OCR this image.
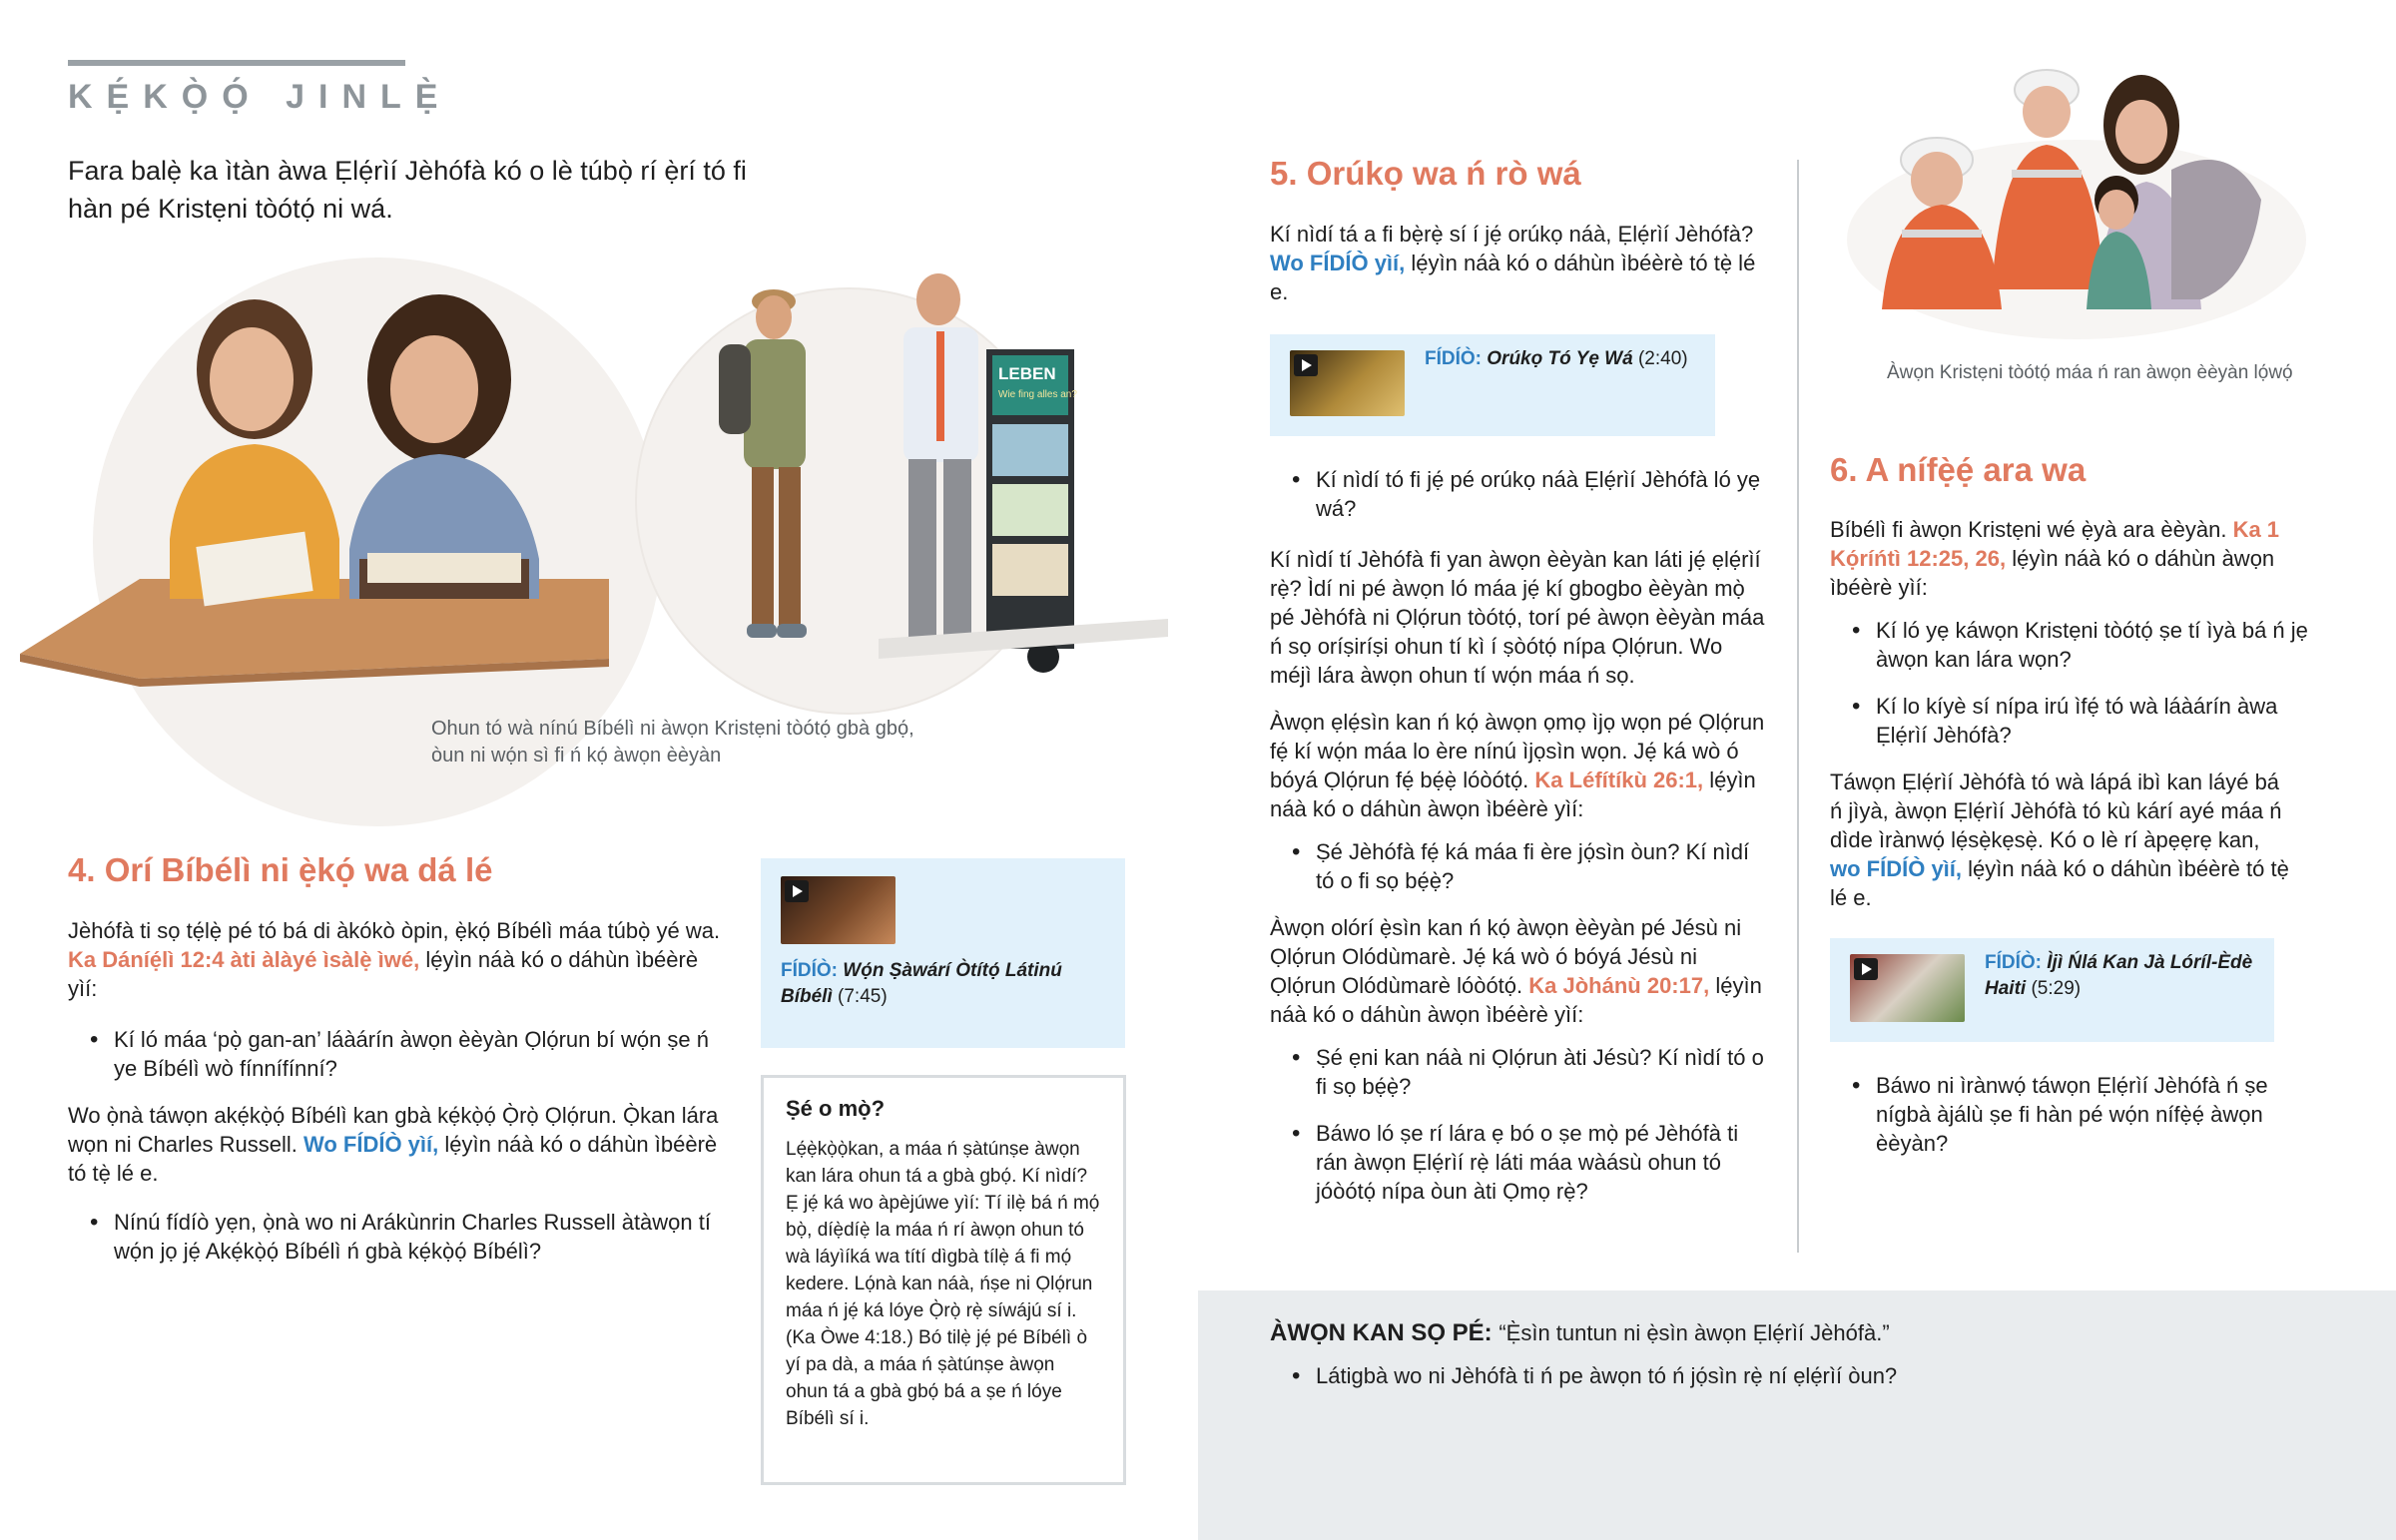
KẸ́KỌ̀Ọ́ JINLẸ̀
Fara balẹ̀ ka ìtàn àwa Ẹlẹ́rìí Jèhófà kó o lè túbọ̀ rí ẹ̀rí tó fi hàn pé Kristẹni tòótọ́ ni wá.
LEBEN
Wie fing alles an?
Ohun tó wà nínú Bíbélì ni àwọn Kristẹni tòótọ́ gbà gbọ́,
òun ni wọ́n sì fi ń kọ́ àwọn èèyàn
4. Orí Bíbélì ni ẹ̀kọ́ wa dá lé
Jèhófà ti sọ tẹ́lẹ̀ pé tó bá di àkókò òpin, ẹ̀kọ́ Bíbélì máa túbọ̀ yé wa. Ka Dáníẹ́lì 12:4 àti àlàyé ìsàlẹ̀ ìwé, lẹ́yìn náà kó o dáhùn ìbéèrè yìí:
• Kí ló máa ‘pọ̀ gan-an’ láàárín àwọn èèyàn Ọlọ́run bí wọ́n ṣe ń ye Bíbélì wò fínnífínní?
Wo ọ̀nà táwọn akẹ́kọ̀ọ́ Bíbélì kan gbà kẹ́kọ̀ọ́ Ọ̀rọ̀ Ọlọ́run. Ọ̀kan lára wọn ni Charles Russell. Wo FÍDÍÒ yìí, lẹ́yìn náà kó o dáhùn ìbéèrè tó tẹ̀ lé e.
• Nínú fídíò yẹn, ọ̀nà wo ni Arákùnrin Charles Russell àtàwọn tí wọ́n jọ jẹ́ Akẹ́kọ̀ọ́ Bíbélì ń gbà kẹ́kọ̀ọ́ Bíbélì?
FÍDÍÒ: Wọ́n Ṣàwárí Òtítọ́ Látinú Bíbélì (7:45)
Ṣé o mọ̀?
Lẹ́ẹ̀kọ̀ọ̀kan, a máa ń ṣàtúnṣe àwọn kan lára ohun tá a gbà gbọ́. Kí nìdí? Ẹ jẹ́ ká wo àpèjúwe yìí: Tí ilẹ̀ bá ń mọ́ bọ̀, díẹ̀díẹ̀ la máa ń rí àwọn ohun tó wà láyìíká wa títí dìgbà tílẹ̀ á fi mọ́ kedere. Lọ́nà kan náà, ńṣe ni Ọlọ́run máa ń jẹ́ ká lóye Ọ̀rọ̀ rẹ̀ síwájú sí i. (Ka Òwe 4:18.) Bó tilẹ̀ jẹ́ pé Bíbélì ò yí pa dà, a máa ń ṣàtúnṣe àwọn ohun tá a gbà gbọ́ bá a ṣe ń lóye Bíbélì sí i.
5. Orúkọ wa ń rò wá
Kí nìdí tá a fi bẹ̀rẹ̀ sí í jẹ́ orúkọ náà, Ẹlẹ́rìí Jèhófà? Wo FÍDÍÒ yìí, lẹ́yìn náà kó o dáhùn ìbéèrè tó tẹ̀ lé e.
FÍDÍÒ: Orúkọ Tó Yẹ Wá (2:40)
• Kí nìdí tó fi jẹ́ pé orúkọ náà Ẹlẹ́rìí Jèhófà ló yẹ wá?
Kí nìdí tí Jèhófà fi yan àwọn èèyàn kan láti jẹ́ ẹlẹ́rìí rẹ̀? Ìdí ni pé àwọn ló máa jẹ́ kí gbogbo èèyàn mọ̀ pé Jèhófà ni Ọlọ́run tòótọ́, torí pé àwọn èèyàn máa ń sọ oríṣiríṣi ohun tí kì í ṣòótọ́ nípa Ọlọ́run. Wo méjì lára àwọn ohun tí wọ́n máa ń sọ.
Àwọn ẹlẹ́sìn kan ń kọ́ àwọn ọmọ ìjọ wọn pé Ọlọ́run fẹ́ kí wọ́n máa lo ère nínú ìjọsìn wọn. Jẹ́ ká wò ó bóyá Ọlọ́run fẹ́ bẹ́ẹ̀ lóòótọ́. Ka Léfítíkù 26:1, lẹ́yìn náà kó o dáhùn àwọn ìbéèrè yìí:
• Ṣé Jèhófà fẹ́ ká máa fi ère jọ́sìn òun? Kí nìdí tó o fi sọ bẹ́ẹ̀?
Àwọn olórí ẹ̀sìn kan ń kọ́ àwọn èèyàn pé Jésù ni Ọlọ́run Olódùmarè. Jẹ́ ká wò ó bóyá Jésù ni Ọlọ́run Olódùmarè lóòótọ́. Ka Jòhánù 20:17, lẹ́yìn náà kó o dáhùn àwọn ìbéèrè yìí:
• Ṣé ẹni kan náà ni Ọlọ́run àti Jésù? Kí nìdí tó o fi sọ bẹ́ẹ̀?
• Báwo ló ṣe rí lára ẹ bó o ṣe mọ̀ pé Jèhófà ti rán àwọn Ẹlẹ́rìí rẹ̀ láti máa wàásù ohun tó jóòótọ́ nípa òun àti Ọmọ rẹ̀?
Àwọn Kristẹni tòótọ́ máa ń ran àwọn èèyàn lọ́wọ́
6. A nífẹ̀ẹ́ ara wa
Bíbélì fi àwọn Kristẹni wé ẹ̀yà ara èèyàn. Ka 1 Kọ́ríńtì 12:25, 26, lẹ́yìn náà kó o dáhùn àwọn ìbéèrè yìí:
• Kí ló yẹ káwọn Kristẹni tòótọ́ ṣe tí ìyà bá ń jẹ àwọn kan lára wọn?
• Kí lo kíyè sí nípa irú ìfẹ́ tó wà láàárín àwa Ẹlẹ́rìí Jèhófà?
Táwọn Ẹlẹ́rìí Jèhófà tó wà lápá ibì kan láyé bá ń jìyà, àwọn Ẹlẹ́rìí Jèhófà tó kù kárí ayé máa ń dìde ìrànwọ́ lẹ́sẹ̀kẹsẹ̀. Kó o lè rí àpẹẹrẹ kan, wo FÍDÍÒ yìí, lẹ́yìn náà kó o dáhùn ìbéèrè tó tẹ̀ lé e.
FÍDÍÒ: Ìjì Ńlá Kan Jà Lóríl-Èdè Haiti (5:29)
• Báwo ni ìrànwọ́ táwọn Ẹlẹ́rìí Jèhófà ń ṣe nígbà àjálù ṣe fi hàn pé wọ́n nífẹ̀ẹ́ àwọn èèyàn?
ÀWỌN KAN SỌ PÉ: “Ẹ̀sìn tuntun ni ẹ̀sìn àwọn Ẹlẹ́rìí Jèhófà.”
• Látigbà wo ni Jèhófà ti ń pe àwọn tó ń jọ́sìn rẹ̀ ní ẹlẹ́rìí òun?
